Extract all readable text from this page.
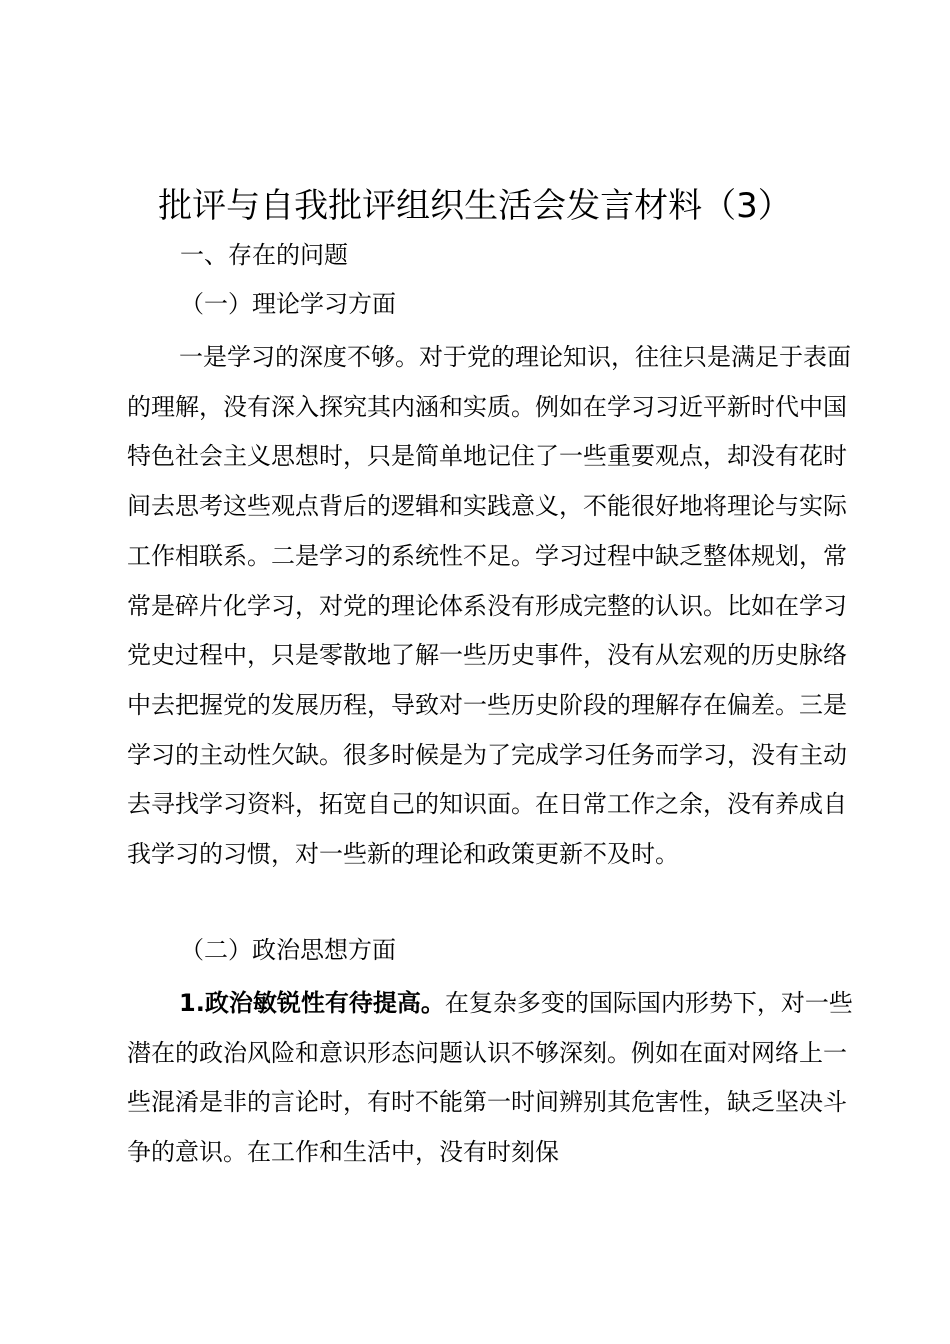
批评与自我批评组织生活会发言材料（3）

一、存在的问题

（一）理论学习方面

一是学习的深度不够。对于党的理论知识，往往只是满足于表面的理解，没有深入探究其内涵和实质。例如在学习习近平新时代中国特色社会主义思想时，只是简单地记住了一些重要观点，却没有花时间去思考这些观点背后的逻辑和实践意义，不能很好地将理论与实际工作相联系。二是学习的系统性不足。学习过程中缺乏整体规划，常常是碎片化学习，对党的理论体系没有形成完整的认识。比如在学习党史过程中，只是零散地了解一些历史事件，没有从宏观的历史脉络中去把握党的发展历程，导致对一些历史阶段的理解存在偏差。三是学习的主动性欠缺。很多时候是为了完成学习任务而学习，没有主动去寻找学习资料，拓宽自己的知识面。在日常工作之余，没有养成自我学习的习惯，对一些新的理论和政策更新不及时。

（二）政治思想方面

1.政治敏锐性有待提高。在复杂多变的国际国内形势下，对一些潜在的政治风险和意识形态问题认识不够深刻。例如在面对网络上一些混淆是非的言论时，有时不能第一时间辨别其危害性，缺乏坚决斗争的意识。在工作和生活中，没有时刻保
